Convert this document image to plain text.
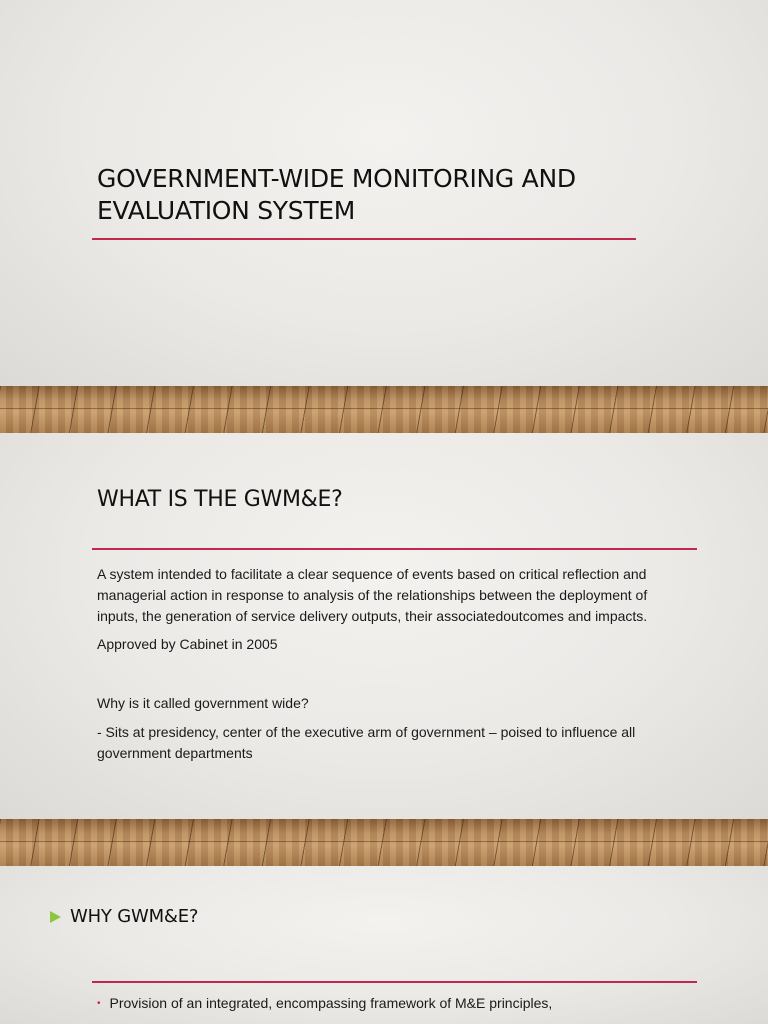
GOVERNMENT-WIDE MONITORING AND EVALUATION SYSTEM
WHAT IS THE GWM&E?

A system intended to facilitate a clear sequence of events based on critical reflection and managerial action in response to analysis of the relationships between the deployment of inputs, the generation of service delivery outputs, their associatedoutcomes and impacts.

Approved by Cabinet in 2005

Why is it called government wide?

- Sits at presidency, center of the executive arm of government – poised to influence all government departments

WHY GWM&E?
• Provision of an integrated, encompassing framework of M&E principles,
